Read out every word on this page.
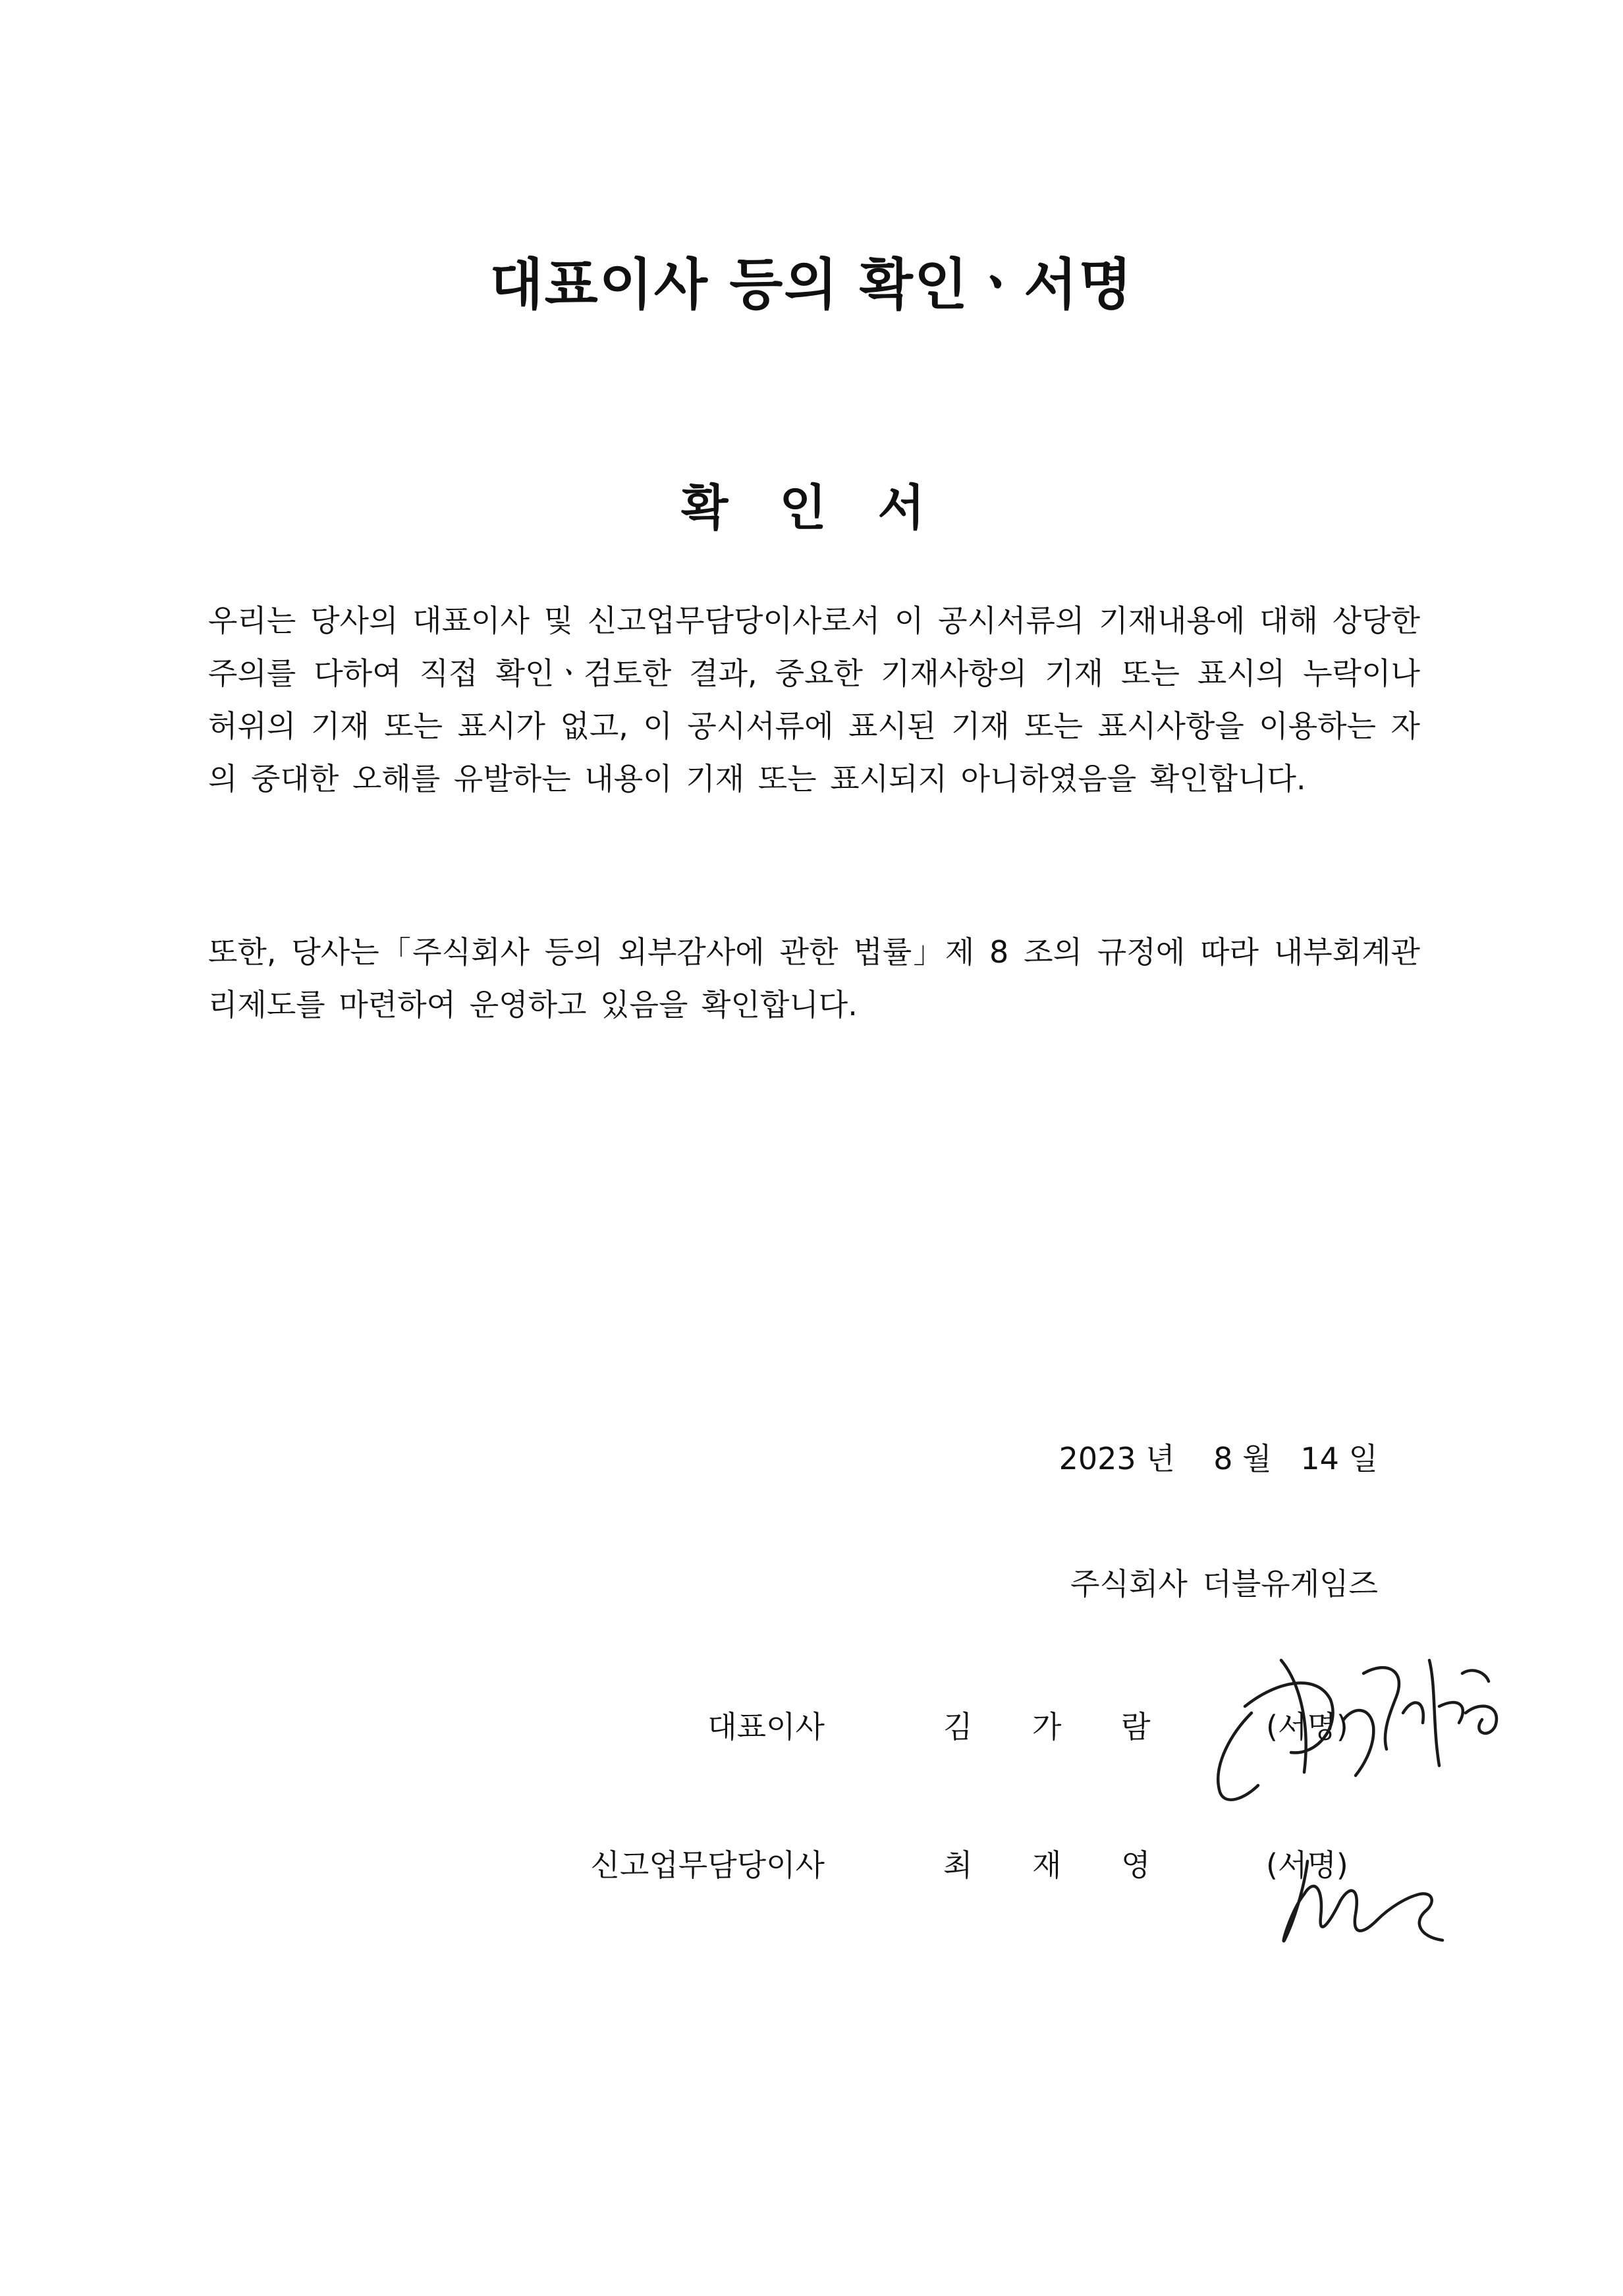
대표이사 등의 확인ㆍ서명
확 인 서

우리는 당사의 대표이사 및 신고업무담당이사로서 이 공시서류의 기재내용에 대해 상당한 주의를 다하여 직접 확인ㆍ검토한 결과, 중요한 기재사항의 기재 또는 표시의 누락이나 허위의 기재 또는 표시가 없고, 이 공시서류에 표시된 기재 또는 표시사항을 이용하는 자의 중대한 오해를 유발하는 내용이 기재 또는 표시되지 아니하였음을 확인합니다.

또한, 당사는「주식회사 등의 외부감사에 관한 법률」제 8 조의 규정에 따라 내부회계관리제도를 마련하여 운영하고 있음을 확인합니다.

2023 년    8 월   14 일
주식회사 더블유게임즈
대표이사	김 가 람	(서명)
신고업무담당이사	최 재 영	(서명)
